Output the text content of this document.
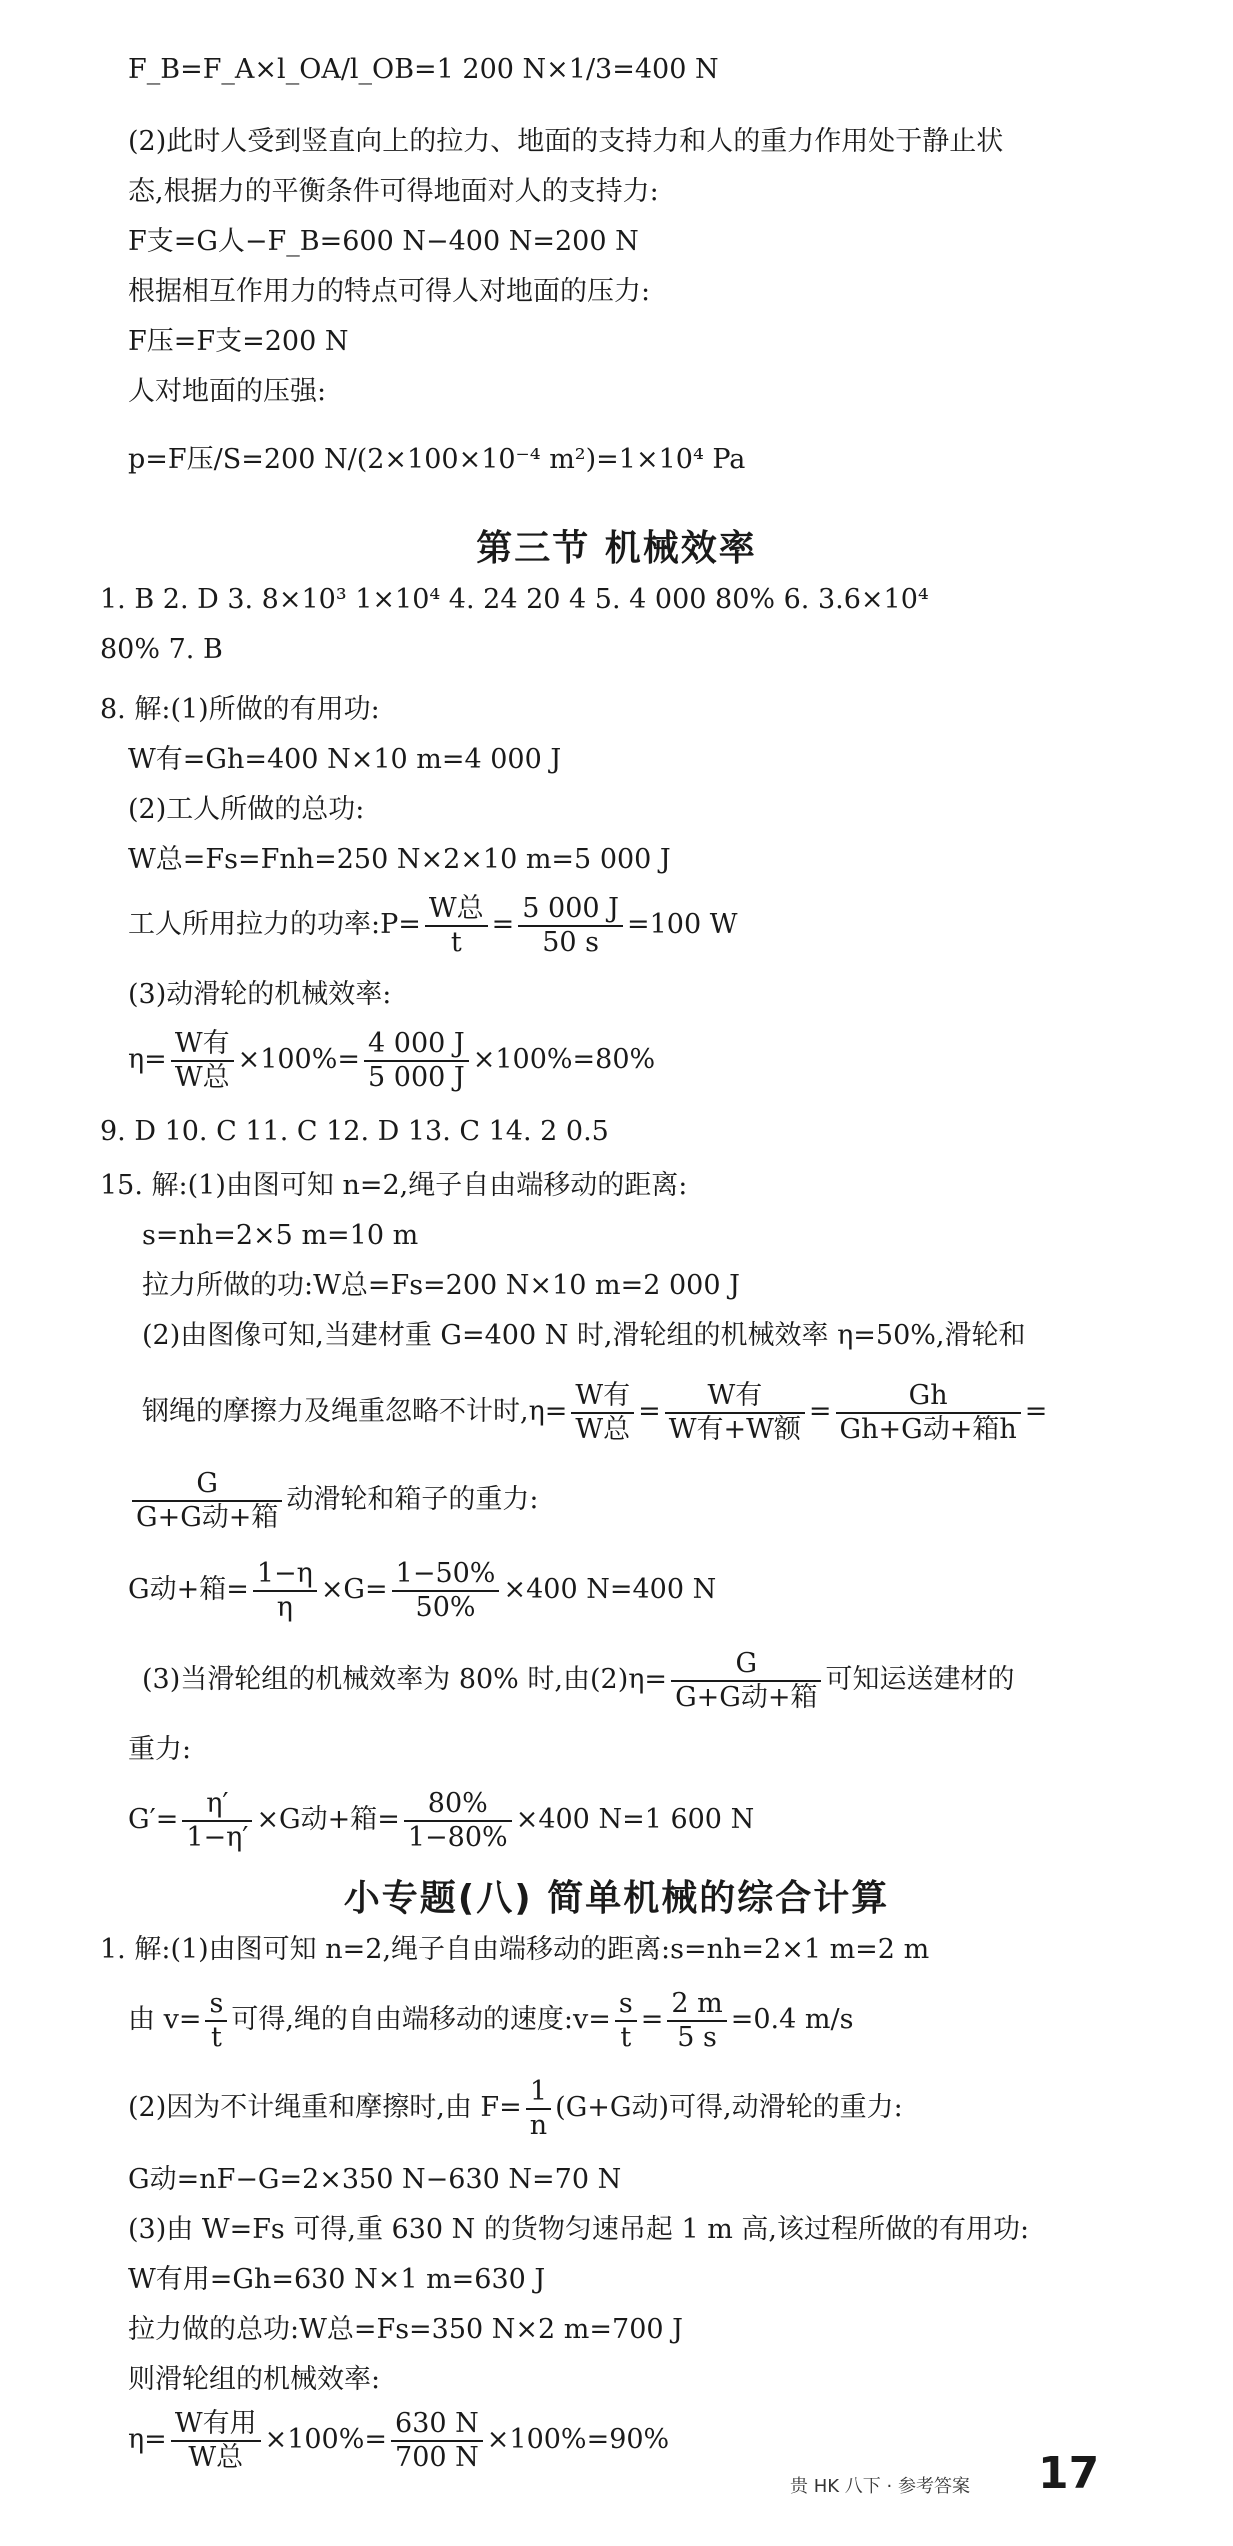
F_B=F_A×l_OA/l_OB=1 200 N×1/3=400 N
(2)此时人受到竖直向上的拉力、地面的支持力和人的重力作用处于静止状
态,根据力的平衡条件可得地面对人的支持力:
F支=G人−F_B=600 N−400 N=200 N
根据相互作用力的特点可得人对地面的压力:
F压=F支=200 N
人对地面的压强:
p=F压/S=200 N/(2×100×10⁻⁴ m²)=1×10⁴ Pa
第三节 机械效率
1. B 2. D 3. 8×10³ 1×10⁴ 4. 24 20 4 5. 4 000 80% 6. 3.6×10⁴
80% 7. B
8. 解:(1)所做的有用功:
W有=Gh=400 N×10 m=4 000 J
(2)工人所做的总功:
W总=Fs=Fnh=250 N×2×10 m=5 000 J
工人所用拉力的功率:P= $\frac{\text{W总}}{t} = \frac{5 000 J}{50 s} =100$ W
(3)动滑轮的机械效率:
$\eta= \frac{\text{W有}}{\text{W总}} \times 100\%= \frac{4 000 J}{5 000 J} \times 100\%=80\%$
9. D 10. C 11. C 12. D 13. C 14. 2 0.5
15. 解:(1)由图可知 n=2,绳子自由端移动的距离:
s=nh=2×5 m=10 m
拉力所做的功:W总=Fs=200 N×10 m=2 000 J
(2)由图像可知,当建材重 G=400 N 时,滑轮组的机械效率 η=50%,滑轮和
钢绳的摩擦力及绳重忽略不计时$,\eta= \frac{\text{W有}}{\text{W总}} = \frac{\text{W有}}{\text{W有+W额}} = \frac{Gh}{\text{Gh+G动+箱h}}$ =
$\frac{G}{\text{G+G动+箱}}$ 动滑轮和箱子的重力:
G动+箱= $\frac{1-\eta}{\eta} \times G= \frac{1-50\%}{50\%} \times 400$ N=400 N
(3)当滑轮组的机械效率为 80% 时,由$(2)\eta= \frac{G}{\text{G+G动+箱}}$ 可知运送建材的
重力:
$G'= \frac{\eta'}{1-\eta'} \times G$动+箱= $\frac{80\%}{1-80\%} \times 400$ N=1 600 N
小专题(八) 简单机械的综合计算
1. 解:(1)由图可知 n=2,绳子自由端移动的距离:s=nh=2×1 m=2 m
由 $v= \frac{s}{t}$ 可得,绳的自由端移动的速度:v= $\frac{s}{t} = \frac{2 m}{5 s} =0.4$ m/s
(2)因为不计绳重和摩擦时,由 $F= \frac{1}{n} (G+G$动)可得,动滑轮的重力:
G动=nF−G=2×350 N−630 N=70 N
(3)由 W=Fs 可得,重 630 N 的货物匀速吊起 1 m 高,该过程所做的有用功:
W有用=Gh=630 N×1 m=630 J
拉力做的总功:W总=Fs=350 N×2 m=700 J
则滑轮组的机械效率:
$\eta= \frac{\text{W有用}}{\text{W总}} \times 100\%= \frac{630 N}{700 N} \times 100\%=90\%$
贵 HK 八下 · 参考答案 17
